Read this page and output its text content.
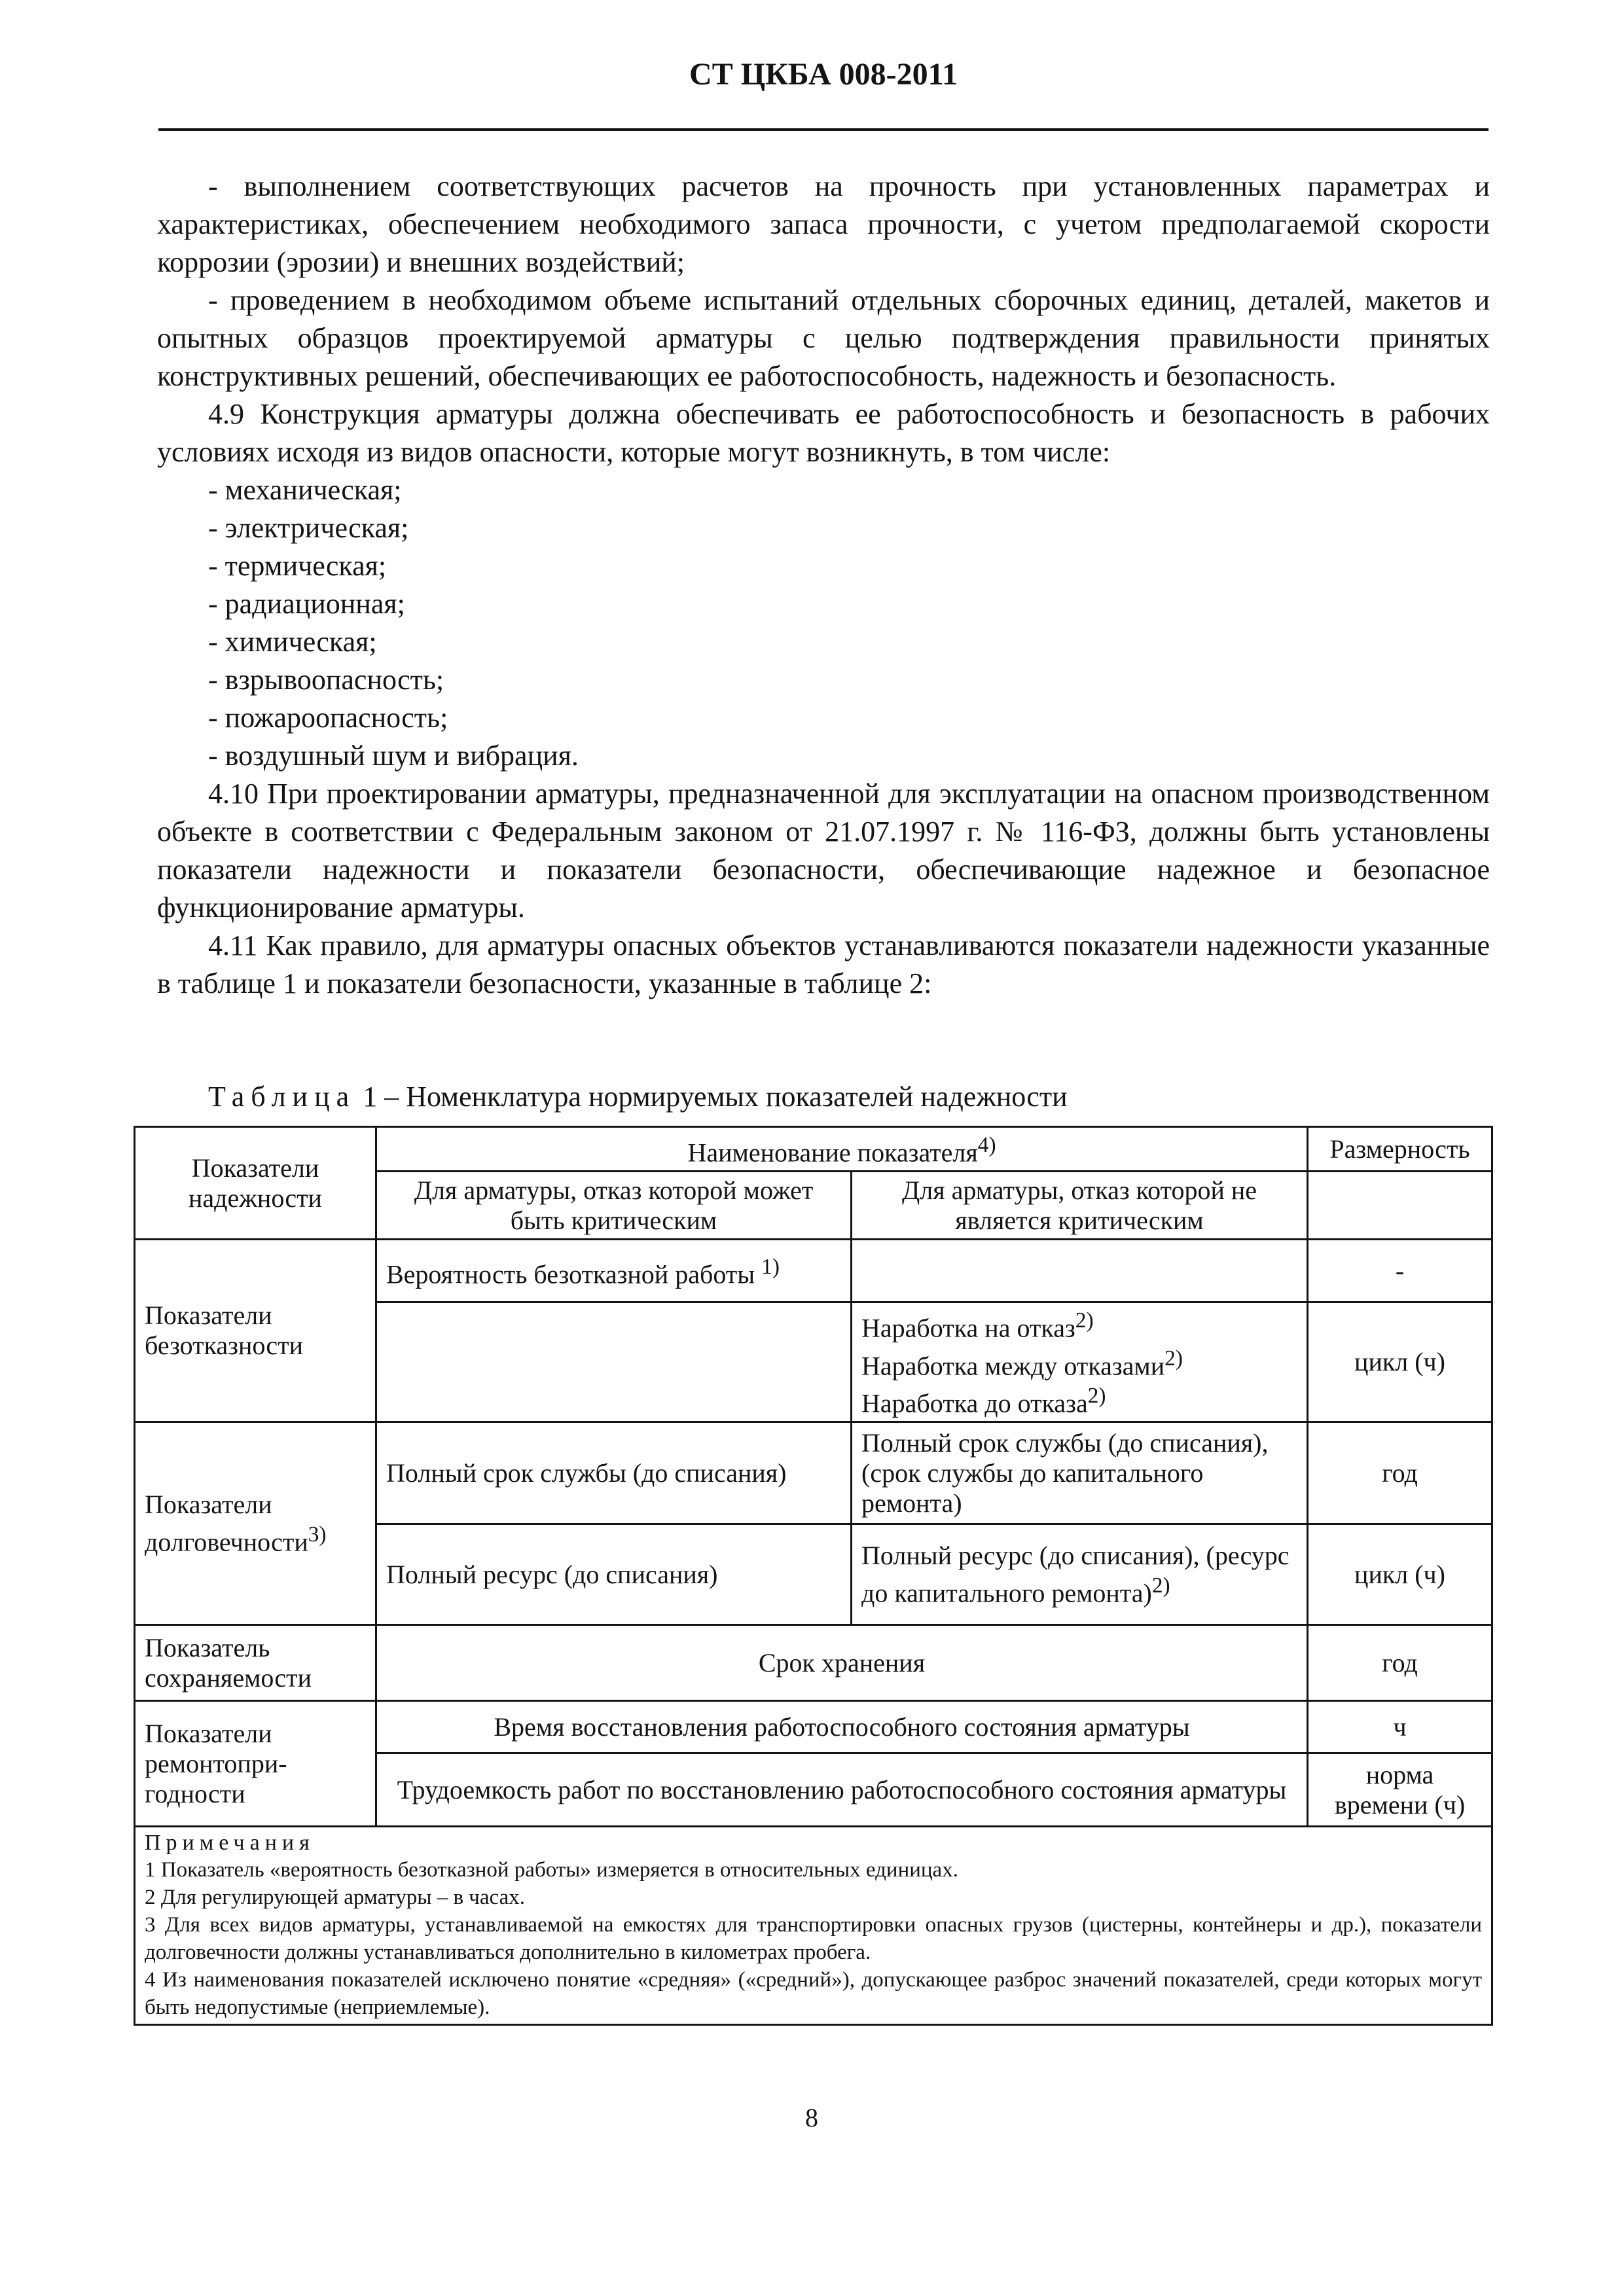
СТ ЦКБА 008-2011

- выполнением соответствующих расчетов на прочность при установленных параметрах и характеристиках, обеспечением необходимого запаса прочности, с учетом предполагаемой скорости коррозии (эрозии) и внешних воздействий;

- проведением в необходимом объеме испытаний отдельных сборочных единиц, деталей, макетов и опытных образцов проектируемой арматуры с целью подтверждения правильности принятых конструктивных решений, обеспечивающих ее работоспособность, надежность и безопасность.

4.9 Конструкция арматуры должна обеспечивать ее работоспособность и безопасность в рабочих условиях исходя из видов опасности, которые могут возникнуть, в том числе:

- механическая;

- электрическая;

- термическая;

- радиационная;

- химическая;

- взрывоопасность;

- пожароопасность;

- воздушный шум и вибрация.

4.10 При проектировании арматуры, предназначенной для эксплуатации на опасном производственном объекте в соответствии с Федеральным законом от 21.07.1997 г. № 116-ФЗ, должны быть установлены показатели надежности и показатели безопасности, обеспечивающие надежное и безопасное функционирование арматуры.

4.11 Как правило, для арматуры опасных объектов устанавливаются показатели надежности указанные в таблице 1 и показатели безопасности, указанные в таблице 2:

Таблица 1 – Номенклатура нормируемых показателей надежности
Показатели надежности	Наименование показателя$^{4)}$		Размерность
	Для арматуры, отказ которой может быть критическим	Для арматуры, отказ которой не является критическим	
Показатели безотказности	Вероятность безотказной работы $^{1)}$		-

		Наработка на отказ$^{2)}$
Наработка между отказами$^{2)}$
Наработка до отказа$^{2)}$	цикл (ч)
Показатели долговечности$^{3)}$	Полный срок службы (до списания)	Полный срок службы (до списания), (срок службы до капитального ремонта)	год
	Полный ресурс (до списания)	Полный ресурс (до списания), (ресурс до капитального ремонта)$^{2)}$	цикл (ч)
Показатель сохраняемости	Срок хранения		год
Показатели ремонтопри-годности	Время восстановления работоспособного состояния арматуры		ч
	Трудоемкость работ по восстановлению работоспособного состояния арматуры		норма времени (ч)

Примечания

1 Показатель «вероятность безотказной работы» измеряется в относительных единицах.

2 Для регулирующей арматуры – в часах.

3 Для всех видов арматуры, устанавливаемой на емкостях для транспортировки опасных грузов (цистерны, контейнеры и др.), показатели долговечности должны устанавливаться дополнительно в километрах пробега.

4 Из наименования показателей исключено понятие «средняя» («средний»), допускающее разброс значений показателей, среди которых могут быть недопустимые (неприемлемые).			

8
